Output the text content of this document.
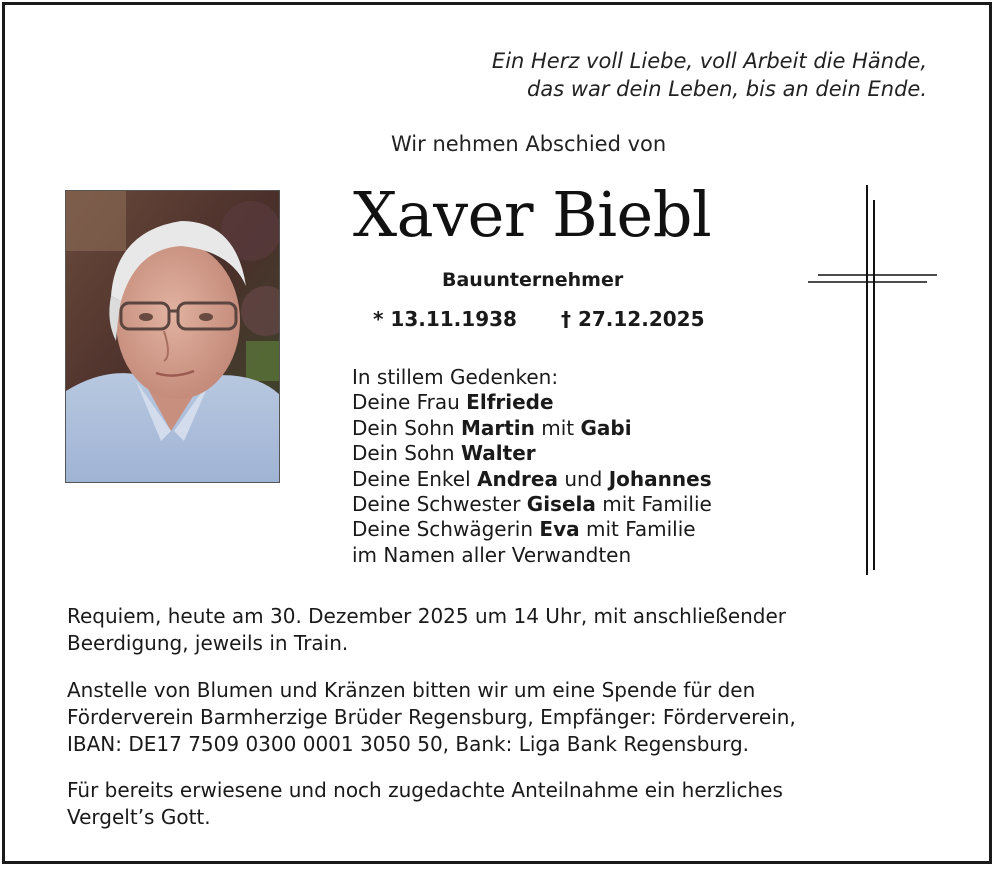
Ein Herz voll Liebe, voll Arbeit die Hände,
das war dein Leben, bis an dein Ende.
Wir nehmen Abschied von
Xaver Biebl
Bauunternehmer
* 13.11.1938 † 27.12.2025
In stillem Gedenken:
Deine Frau Elfriede
Dein Sohn Martin mit Gabi
Dein Sohn Walter
Deine Enkel Andrea und Johannes
Deine Schwester Gisela mit Familie
Deine Schwägerin Eva mit Familie
im Namen aller Verwandten
Requiem, heute am 30. Dezember 2025 um 14 Uhr, mit anschließender
Beerdigung, jeweils in Train.
Anstelle von Blumen und Kränzen bitten wir um eine Spende für den
Förderverein Barmherzige Brüder Regensburg, Empfänger: Förderverein,
IBAN: DE17 7509 0300 0001 3050 50, Bank: Liga Bank Regensburg.
Für bereits erwiesene und noch zugedachte Anteilnahme ein herzliches
Vergelt’s Gott.
